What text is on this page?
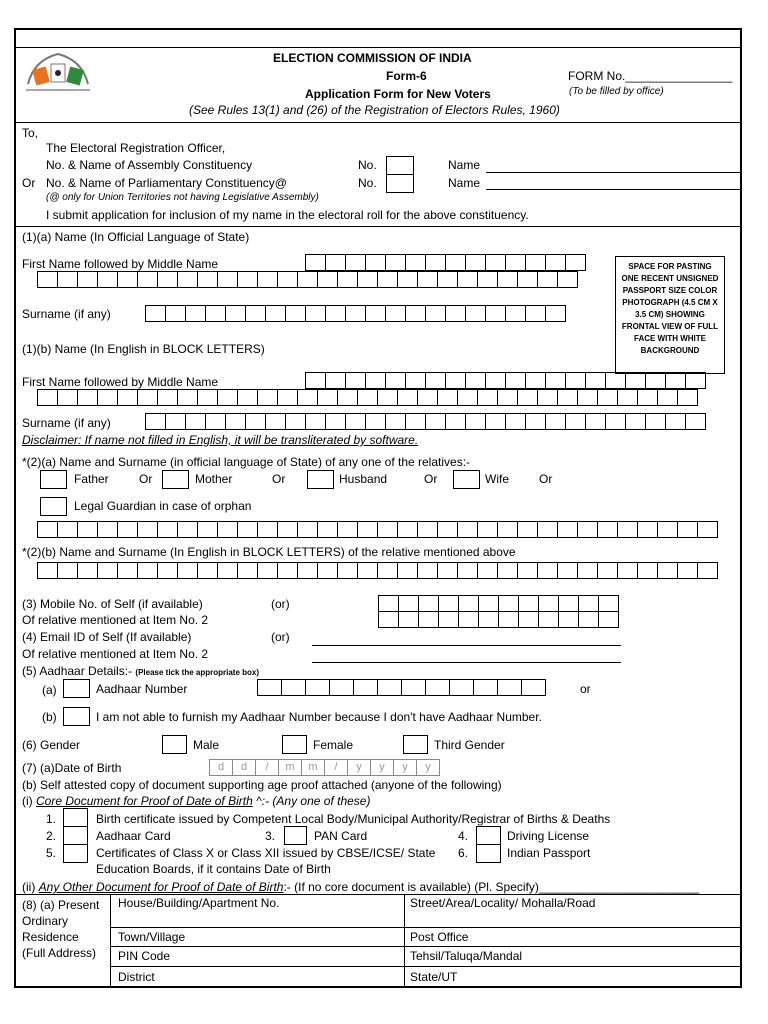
ELECTION COMMISSION OF INDIA
Form-6
Application Form for New Voters
(See Rules 13(1) and (26) of the Registration of Electors Rules, 1960)
FORM No.________________
(To be filled by office)
To,
The Electoral Registration Officer,
No. & Name of Assembly Constituency	No.	Name
Or No. & Name of Parliamentary Constituency@	No.	Name
(@ only for Union Territories not having Legislative Assembly)
I submit application for inclusion of my name in the electoral roll for the above constituency.
(1)(a) Name (In Official Language of State)
First Name followed by Middle Name
Surname (if any)
SPACE FOR PASTING ONE RECENT UNSIGNED PASSPORT SIZE COLOR PHOTOGRAPH (4.5 CM X 3.5 CM) SHOWING FRONTAL VIEW OF FULL FACE WITH WHITE BACKGROUND
(1)(b) Name (In English in BLOCK LETTERS)
First Name followed by Middle Name
Surname (if any)
Disclaimer: If name not filled in English, it will be transliterated by software.
*(2)(a) Name and Surname (in official language of State) of any one of the relatives:-
Father	Or	Mother	Or	Husband	Or	Wife	Or
Legal Guardian in case of orphan
*(2)(b) Name and Surname (In English in BLOCK LETTERS) of the relative mentioned above
(3) Mobile No. of Self (if available)	(or)
Of relative mentioned at Item No. 2
(4) Email ID of Self (If available)	(or)
Of relative mentioned at Item No. 2
(5) Aadhaar Details:- (Please tick the appropriate box)
(a)	Aadhaar Number	or
(b)	I am not able to furnish my Aadhaar Number because I don't have Aadhaar Number.
(6) Gender	Male	Female	Third Gender
(7) (a)Date of Birth	d	d	/	m	m	/	y	y	y	y
(b) Self attested copy of document supporting age proof attached (anyone of the following)
(i) Core Document for Proof of Date of Birth ^:- (Any one of these)
1.	Birth certificate issued by Competent Local Body/Municipal Authority/Registrar of Births & Deaths
2.	Aadhaar Card	3.	PAN Card	4.	Driving License
5.	Certificates of Class X or Class XII issued by CBSE/ICSE/ State
Education Boards, if it contains Date of Birth
6.	Indian Passport
(ii) Any Other Document for Proof of Date of Birth:- (If no core document is available) (Pl. Specify)________________________
(8) (a) Present
Ordinary
Residence
(Full Address)
House/Building/Apartment No.	Street/Area/Locality/ Mohalla/Road
Town/Village	Post Office
PIN Code	Tehsil/Taluqa/Mandal
District	State/UT
